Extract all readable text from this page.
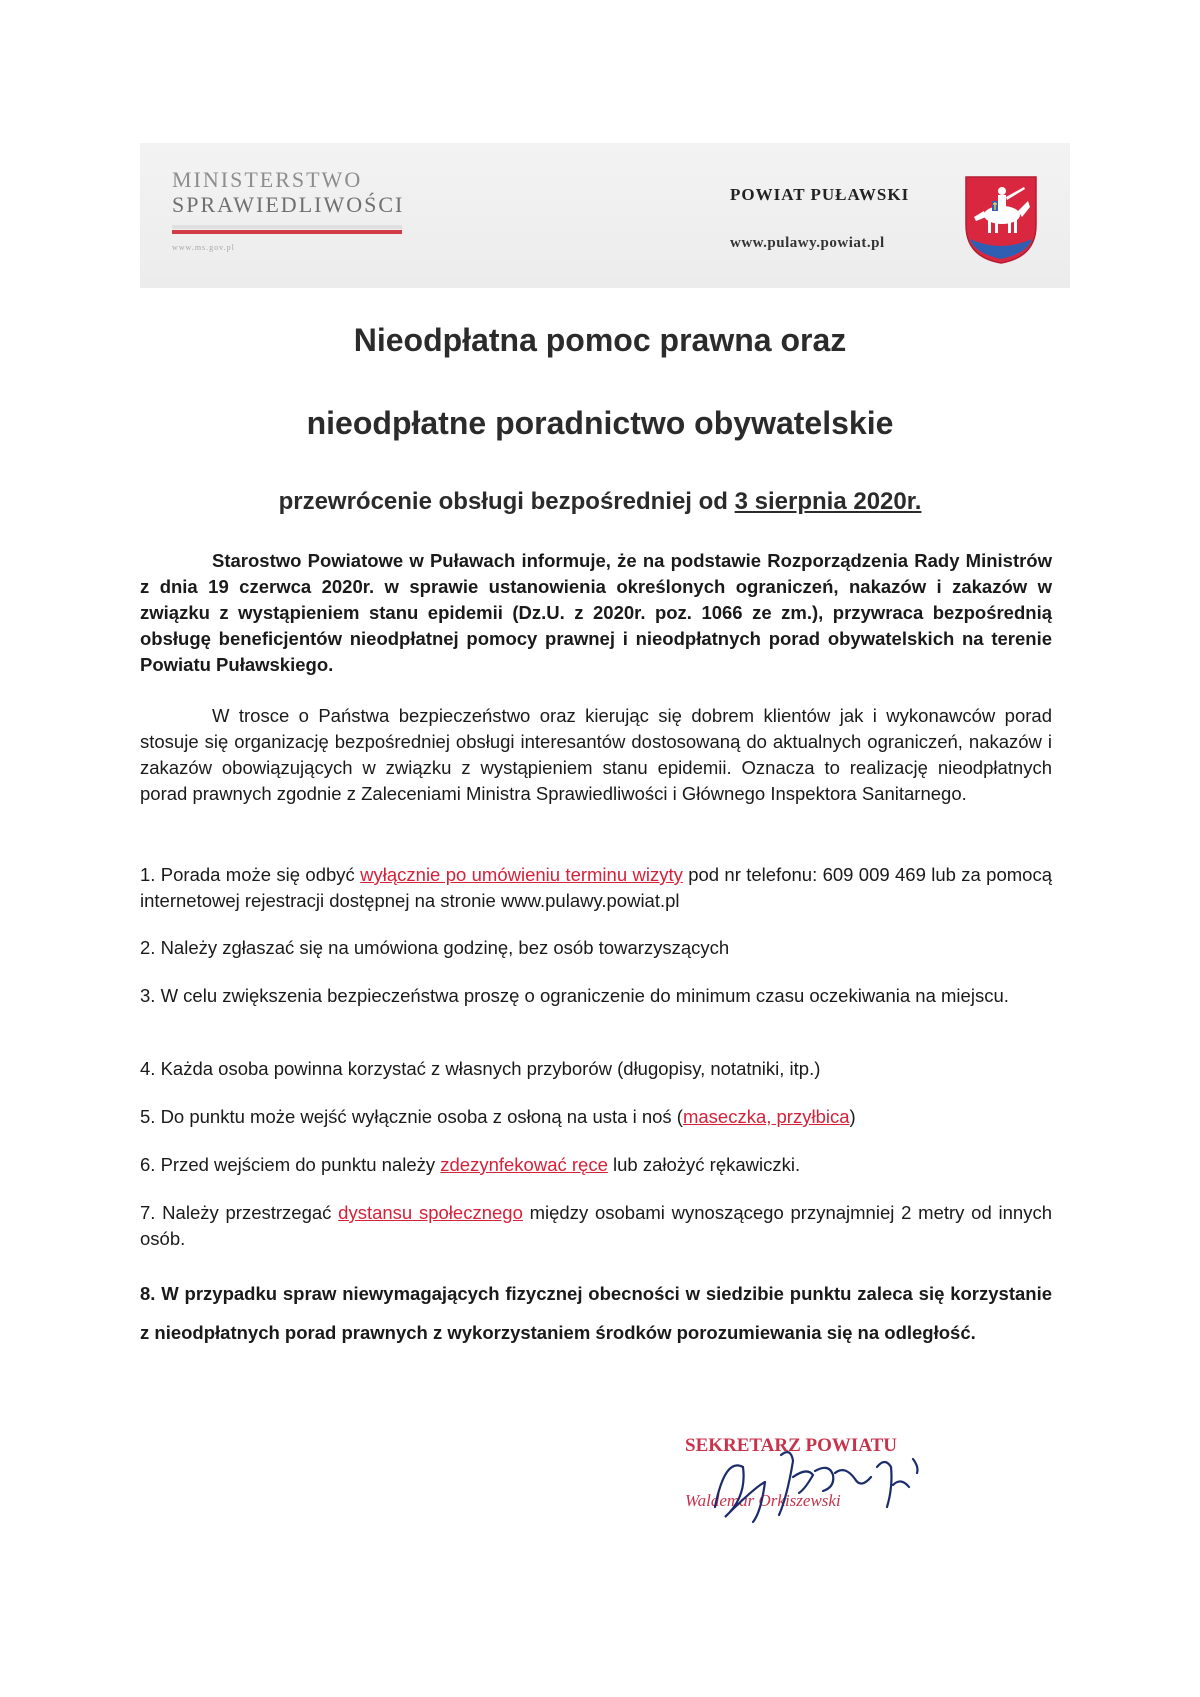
MINISTERSTWO
SPRAWIEDLIWOŚCI
www.ms.gov.pl
POWIAT PUŁAWSKI
www.pulawy.powiat.pl
Nieodpłatna pomoc prawna oraz
nieodpłatne poradnictwo obywatelskie
przewrócenie obsługi bezpośredniej od 3 sierpnia 2020r.
Starostwo Powiatowe w Puławach informuje, że na podstawie Rozporządzenia Rady Ministrów z dnia 19 czerwca 2020r. w sprawie ustanowienia określonych ograniczeń, nakazów i zakazów w związku z wystąpieniem stanu epidemii (Dz.U. z 2020r. poz. 1066 ze zm.), przywraca bezpośrednią obsługę beneficjentów nieodpłatnej pomocy prawnej i nieodpłatnych porad obywatelskich na terenie Powiatu Puławskiego.
W trosce o Państwa bezpieczeństwo oraz kierując się dobrem klientów jak i wykonawców porad stosuje się organizację bezpośredniej obsługi interesantów dostosowaną do aktualnych ograniczeń, nakazów i zakazów obowiązujących w związku z wystąpieniem stanu epidemii. Oznacza to realizację nieodpłatnych porad prawnych zgodnie z Zaleceniami Ministra Sprawiedliwości i Głównego Inspektora Sanitarnego.
1. Porada może się odbyć wyłącznie po umówieniu terminu wizyty pod nr telefonu: 609 009 469 lub za pomocą internetowej rejestracji dostępnej na stronie www.pulawy.powiat.pl
2. Należy zgłaszać się na umówiona godzinę, bez osób towarzyszących
3. W celu zwiększenia bezpieczeństwa proszę o ograniczenie do minimum czasu oczekiwania na miejscu.
4. Każda osoba powinna korzystać z własnych przyborów (długopisy, notatniki, itp.)
5. Do punktu może wejść wyłącznie osoba z osłoną na usta i noś (maseczka, przyłbica)
6. Przed wejściem do punktu należy zdezynfekować ręce lub założyć rękawiczki.
7. Należy przestrzegać dystansu społecznego między osobami wynoszącego przynajmniej 2 metry od innych osób.
8. W przypadku spraw niewymagających fizycznej obecności w siedzibie punktu zaleca się korzystanie z nieodpłatnych porad prawnych z wykorzystaniem środków porozumiewania się na odległość.
SEKRETARZ POWIATU
Waldemar Orkiszewski
